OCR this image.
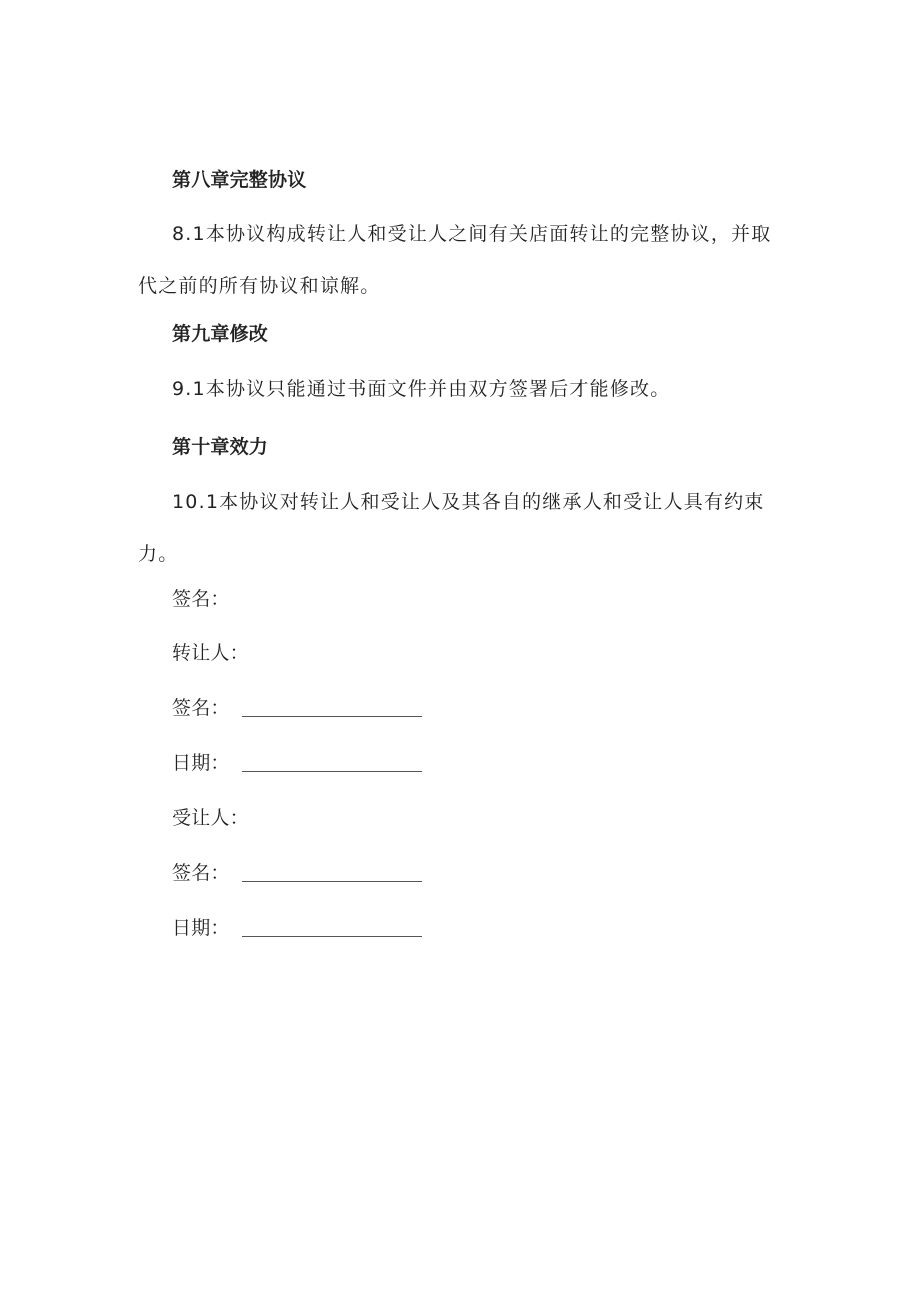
第八章完整协议
8.1本协议构成转让人和受让人之间有关店面转让的完整协议，并取代之前的所有协议和谅解。
第九章修改
9.1本协议只能通过书面文件并由双方签署后才能修改。
第十章效力
10.1本协议对转让人和受让人及其各自的继承人和受让人具有约束力。
签名：
转让人：
签名：
日期：
受让人：
签名：
日期：
